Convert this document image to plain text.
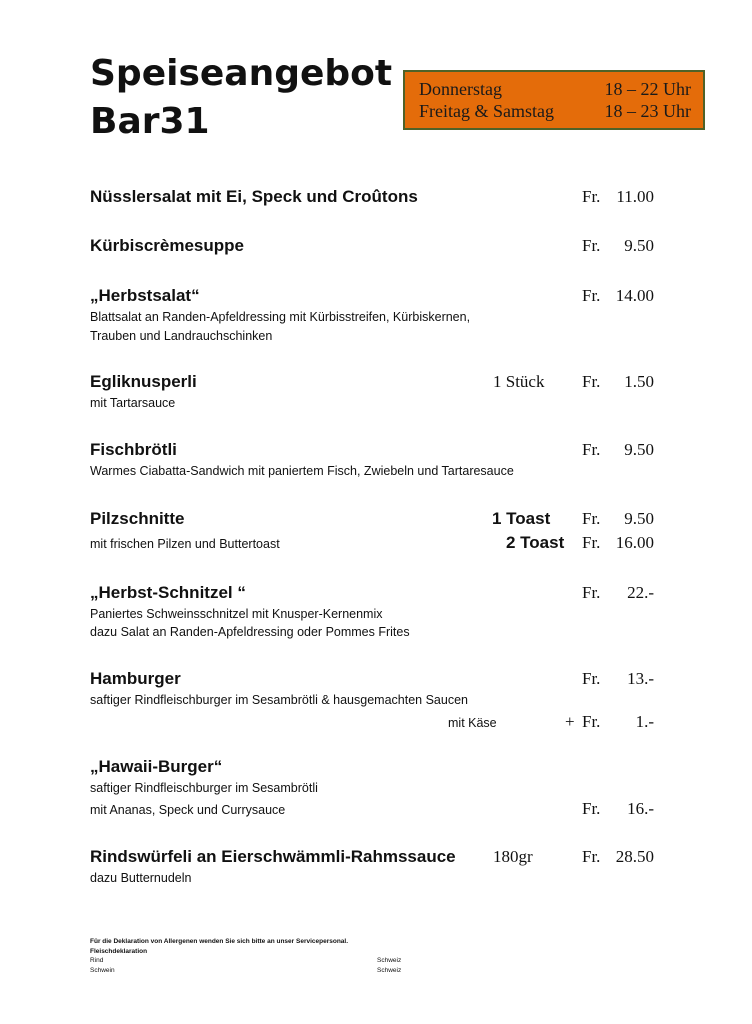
Speiseangebot
Bar31
Donnerstag	18 – 22 Uhr
Freitag & Samstag	18 – 23 Uhr
Nüsslersalat mit Ei, Speck und Croûtons	Fr. 11.00
Kürbiscrèmesuppe	Fr. 9.50
„Herbstsalat“	Fr. 14.00
Blattsalat an Randen-Apfeldressing mit Kürbisstreifen, Kürbiskernen,
Trauben und Landrauchschinken
Egliknusperli	1 Stück Fr. 1.50
mit Tartarsauce
Fischbrötli	Fr. 9.50
Warmes Ciabatta-Sandwich mit paniertem Fisch, Zwiebeln und Tartaresauce
Pilzschnitte	1 Toast Fr. 9.50
mit frischen Pilzen und Buttertoast	2 Toast Fr. 16.00
„Herbst-Schnitzel “	Fr. 22.-
Paniertes Schweinsschnitzel mit Knusper-Kernenmix
dazu Salat an Randen-Apfeldressing oder Pommes Frites
Hamburger	Fr. 13.-
saftiger Rindfleischburger im Sesambrötli & hausgemachten Saucen
mit Käse	+ Fr. 1.-
„Hawaii-Burger“
saftiger Rindfleischburger im Sesambrötli
mit Ananas, Speck und Currysauce	Fr. 16.-
Rindswürfeli an Eierschwämmli-Rahmssauce 180gr	Fr. 28.50
dazu Butternudeln
Für die Deklaration von Allergenen wenden Sie sich bitte an unser Servicepersonal.
Fleischdeklaration
Rind	Schweiz
Schwein	Schweiz
